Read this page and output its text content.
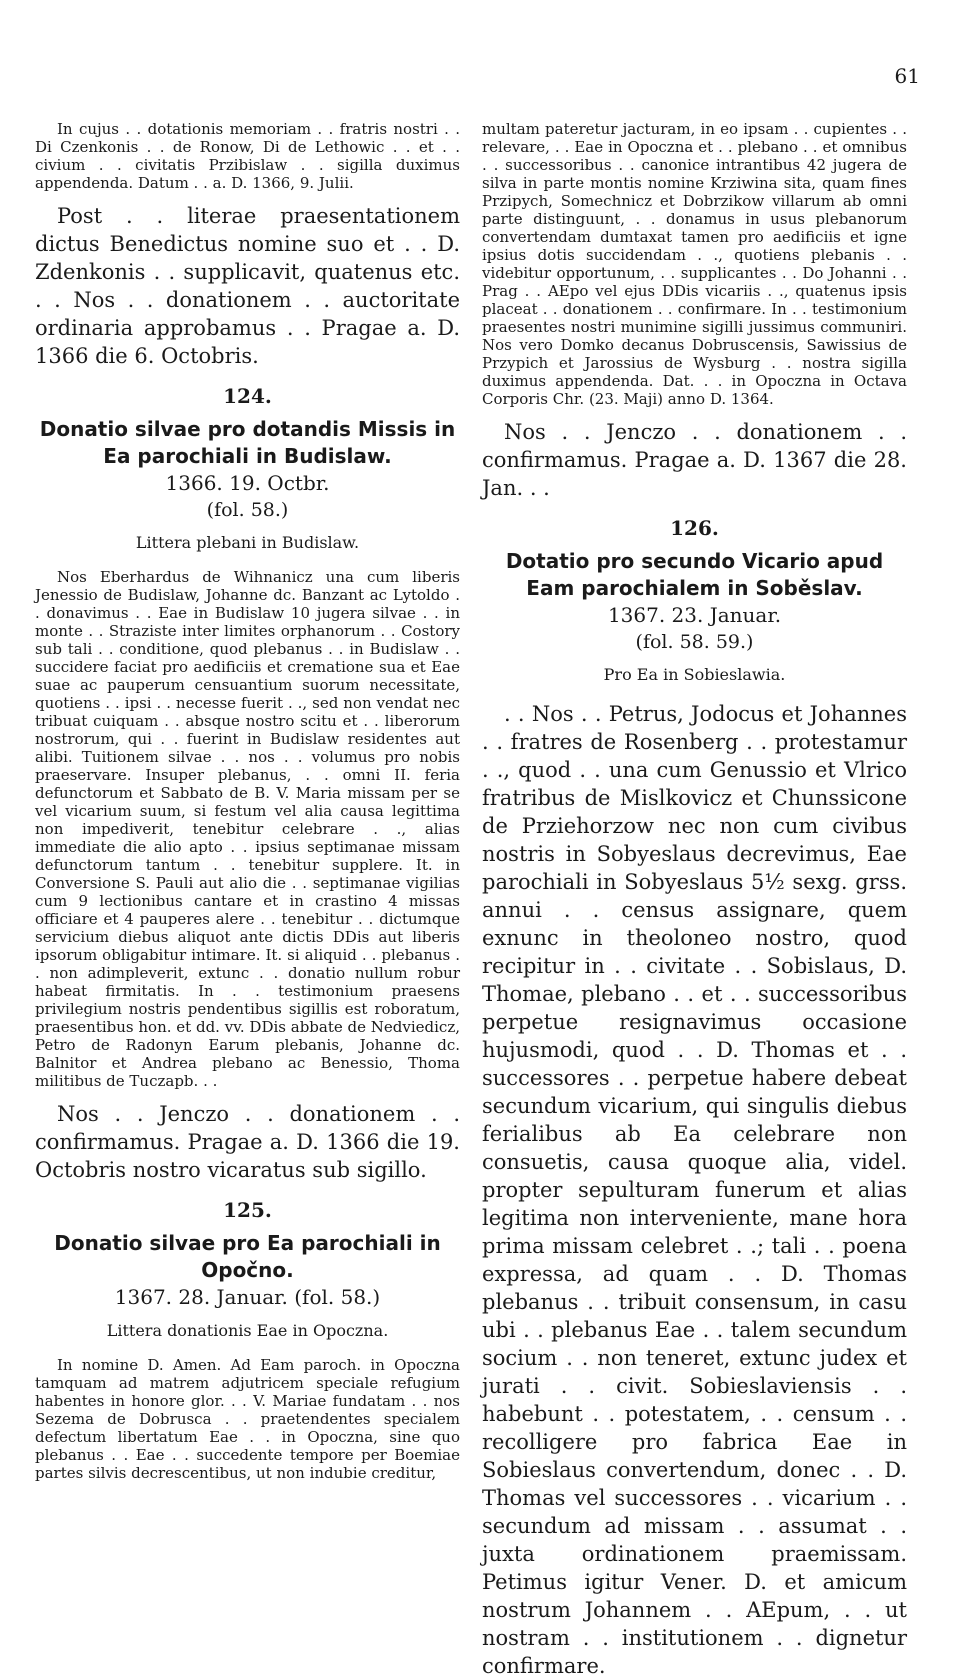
61

In cujus . . dotationis memoriam . . fratris nostri . . Di Czenkonis . . de Ronow, Di de Lethowic . . et . . civium . . civitatis Przibislaw . . sigilla duximus appendenda. Datum . . a. D. 1366, 9. Julii.

Post . . literae praesentationem dictus Benedictus nomine suo et . . D. Zdenkonis . . supplicavit, quatenus etc. . . Nos . . donationem . . auctoritate ordinaria approbamus . . Pragae a. D. 1366 die 6. Octobris.

124.

Donatio silvae pro dotandis Missis in Ea parochiali in Budislaw.

1366. 19. Octbr.

(fol. 58.)

Littera plebani in Budislaw.

Nos Eberhardus de Wihnanicz una cum liberis Jenessio de Budislaw, Johanne dc. Banzant ac Lytoldo . . donavimus . . Eae in Budislaw 10 jugera silvae . . in monte . . Straziste inter limites orphanorum . . Costory sub tali . . conditione, quod plebanus . . in Budislaw . . succidere faciat pro aedificiis et crematione sua et Eae suae ac pauperum censuantium suorum necessitate, quotiens . . ipsi . . necesse fuerit . ., sed non vendat nec tribuat cuiquam . . absque nostro scitu et . . liberorum nostrorum, qui . . fuerint in Budislaw residentes aut alibi. Tuitionem silvae . . nos . . volumus pro nobis praeservare. Insuper plebanus, . . omni II. feria defunctorum et Sabbato de B. V. Maria missam per se vel vicarium suum, si festum vel alia causa legittima non impediverit, tenebitur celebrare . ., alias immediate die alio apto . . ipsius septimanae missam defunctorum tantum . . tenebitur supplere. It. in Conversione S. Pauli aut alio die . . septimanae vigilias cum 9 lectionibus cantare et in crastino 4 missas officiare et 4 pauperes alere . . tenebitur . . dictumque servicium diebus aliquot ante dictis DDis aut liberis ipsorum obligabitur intimare. It. si aliquid . . plebanus . . non adimpleverit, extunc . . donatio nullum robur habeat firmitatis. In . . testimonium praesens privilegium nostris pendentibus sigillis est roboratum, praesentibus hon. et dd. vv. DDis abbate de Nedviedicz, Petro de Radonyn Earum plebanis, Johanne dc. Balnitor et Andrea plebano ac Benessio, Thoma militibus de Tuczapb. . .

Nos . . Jenczo . . donationem . . confirmamus. Pragae a. D. 1366 die 19. Octobris nostro vicaratus sub sigillo.

125.

Donatio silvae pro Ea parochiali in Opočno.

1367. 28. Januar. (fol. 58.)

Littera donationis Eae in Opoczna.

In nomine D. Amen. Ad Eam paroch. in Opoczna tamquam ad matrem adjutricem speciale refugium habentes in honore glor. . . V. Mariae fundatam . . nos Sezema de Dobrusca . . praetendentes specialem defectum libertatum Eae . . in Opoczna, sine quo plebanus . . Eae . . succedente tempore per Boemiae partes silvis decrescentibus, ut non indubie creditur,

multam pateretur jacturam, in eo ipsam . . cupientes . . relevare, . . Eae in Opoczna et . . plebano . . et omnibus . . successoribus . . canonice intrantibus 42 jugera de silva in parte montis nomine Krziwina sita, quam fines Przipych, Somechnicz et Dobrzikow villarum ab omni parte distinguunt, . . donamus in usus plebanorum convertendam dumtaxat tamen pro aedificiis et igne ipsius dotis succidendam . ., quotiens plebanis . . videbitur opportunum, . . supplicantes . . Do Johanni . . Prag . . AEpo vel ejus DDis vicariis . ., quatenus ipsis placeat . . donationem . . confirmare. In . . testimonium praesentes nostri munimine sigilli jussimus communiri. Nos vero Domko decanus Dobruscensis, Sawissius de Przypich et Jarossius de Wysburg . . nostra sigilla duximus appendenda. Dat. . . in Opoczna in Octava Corporis Chr. (23. Maji) anno D. 1364.

Nos . . Jenczo . . donationem . . confirmamus. Pragae a. D. 1367 die 28. Jan. . .

126.

Dotatio pro secundo Vicario apud Eam parochialem in Soběslav.

1367. 23. Januar.

(fol. 58. 59.)

Pro Ea in Sobieslawia.

. . Nos . . Petrus, Jodocus et Johannes . . fratres de Rosenberg . . protestamur . ., quod . . una cum Genussio et Vlrico fratribus de Mislkovicz et Chunssicone de Prziehorzow nec non cum civibus nostris in Sobyeslaus decrevimus, Eae parochiali in Sobyeslaus 5½ sexg. grss. annui . . census assignare, quem exnunc in theoloneo nostro, quod recipitur in . . civitate . . Sobislaus, D. Thomae, plebano . . et . . successoribus perpetue resignavimus occasione hujusmodi, quod . . D. Thomas et . . successores . . perpetue habere debeat secundum vicarium, qui singulis diebus ferialibus ab Ea celebrare non consuetis, causa quoque alia, videl. propter sepulturam funerum et alias legitima non interveniente, mane hora prima missam celebret . .; tali . . poena expressa, ad quam . . D. Thomas plebanus . . tribuit consensum, in casu ubi . . plebanus Eae . . talem secundum socium . . non teneret, extunc judex et jurati . . civit. Sobieslaviensis . . habebunt . . potestatem, . . censum . . recolligere pro fabrica Eae in Sobieslaus convertendum, donec . . D. Thomas vel successores . . vicarium . . secundum ad missam . . assumat . . juxta ordinationem praemissam. Petimus igitur Vener. D. et amicum nostrum Johannem . . AEpum, . . ut nostram . . institutionem . . dignetur confirmare.
